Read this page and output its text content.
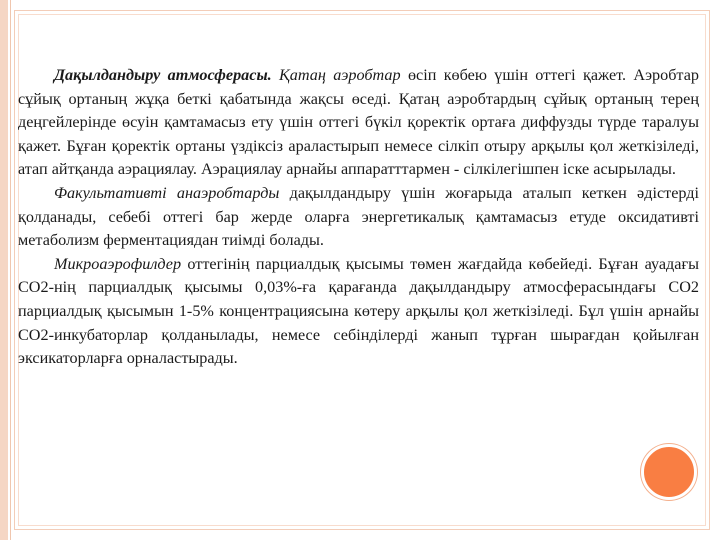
Дақылдандыру атмосферасы. Қатаң аэробтар өсіп көбею үшін оттегі қажет. Аэробтар сұйық ортаның жұқа беткі қабатында жақсы өседі. Қатаң аэробтардың сұйық ортаның терең деңгейлерінде өсуін қамтамасыз ету үшін оттегі бүкіл қоректік ортаға диффузды түрде таралуы қажет. Бұған қоректік ортаны үздіксіз араластырып немесе сілкіп отыру арқылы қол жеткізіледі, атап айтқанда аэрациялау. Аэрациялау арнайы аппаратттармен - сілкілегішпен іске асырылады.

Факультативті анаэробтарды дақылдандыру үшін жоғарыда аталып кеткен әдістерді қолданады, себебі оттегі бар жерде оларға энергетикалық қамтамасыз етуде оксидативті метаболизм ферментациядан тиімді болады.

Микроаэрофилдер оттегінің парциалдық қысымы төмен жағдайда көбейеді. Бұған ауадағы СО2-нің парциалдық қысымы 0,03%-ға қарағанда дақылдандыру атмосферасындағы СО2 парциалдық қысымын 1-5% концентрациясына көтеру арқылы қол жеткізіледі. Бұл үшін арнайы СО2-инкубаторлар қолданылады, немесе себінділерді жанып тұрған шырағдан қойылған эксикаторларға орналастырады.
